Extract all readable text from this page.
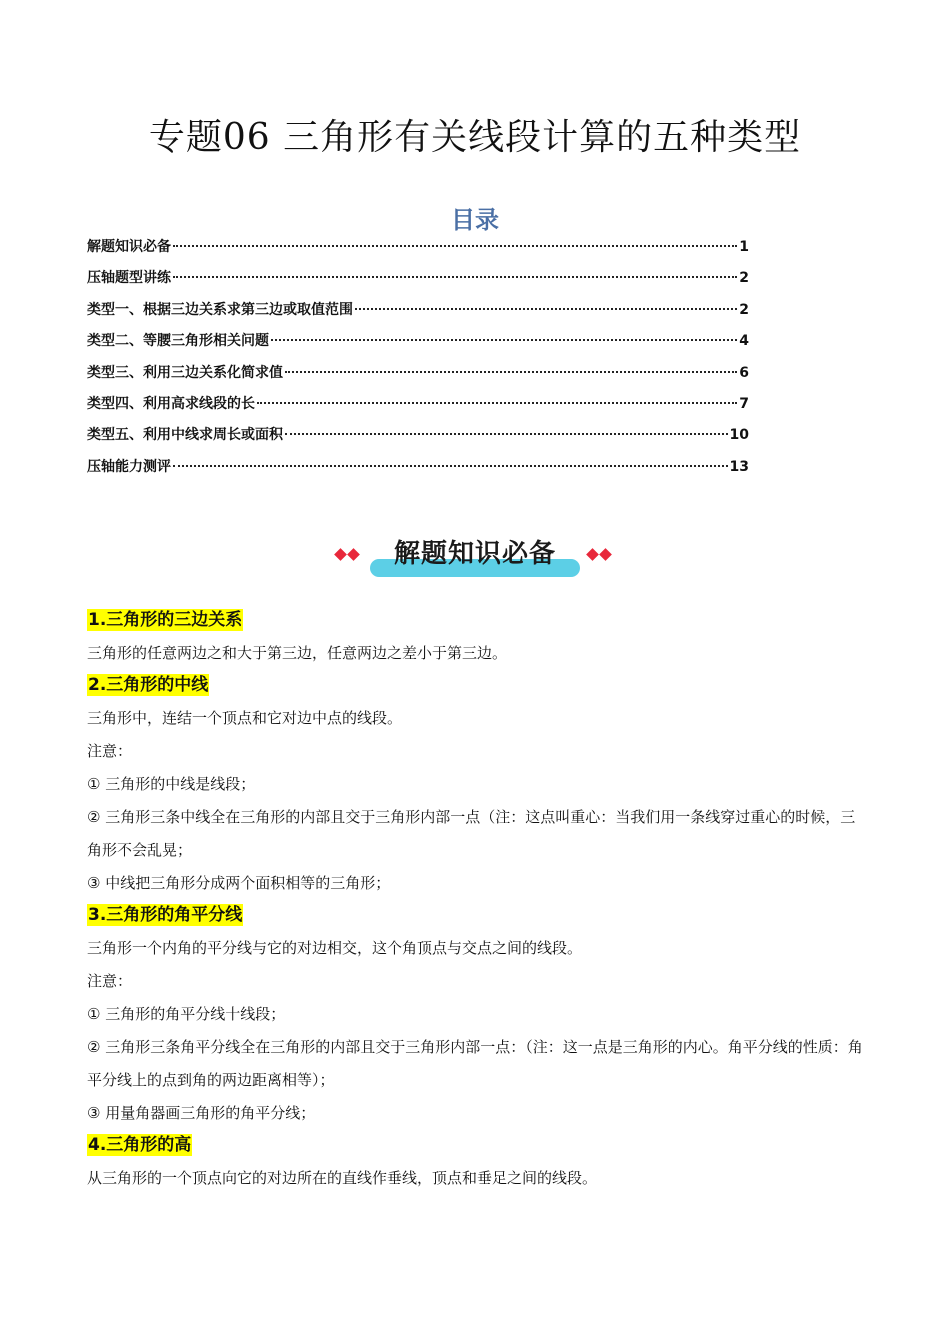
专题06 三角形有关线段计算的五种类型
目录
解题知识必备	1
压轴题型讲练	2
类型一、根据三边关系求第三边或取值范围	2
类型二、等腰三角形相关问题	4
类型三、利用三边关系化简求值	6
类型四、利用高求线段的长	7
类型五、利用中线求周长或面积	10
压轴能力测评	13
解题知识必备
1.三角形的三边关系

三角形的任意两边之和大于第三边，任意两边之差小于第三边。

2.三角形的中线

三角形中，连结一个顶点和它对边中点的线段。

注意：

① 三角形的中线是线段；

② 三角形三条中线全在三角形的内部且交于三角形内部一点（注：这点叫重心：当我们用一条线穿过重心的时候，三角形不会乱晃；

③ 中线把三角形分成两个面积相等的三角形；

3.三角形的角平分线

三角形一个内角的平分线与它的对边相交，这个角顶点与交点之间的线段。

注意：

① 三角形的角平分线十线段；

② 三角形三条角平分线全在三角形的内部且交于三角形内部一点：（注：这一点是三角形的内心。角平分线的性质：角平分线上的点到角的两边距离相等）；

③ 用量角器画三角形的角平分线；

4.三角形的高

从三角形的一个顶点向它的对边所在的直线作垂线，顶点和垂足之间的线段。
